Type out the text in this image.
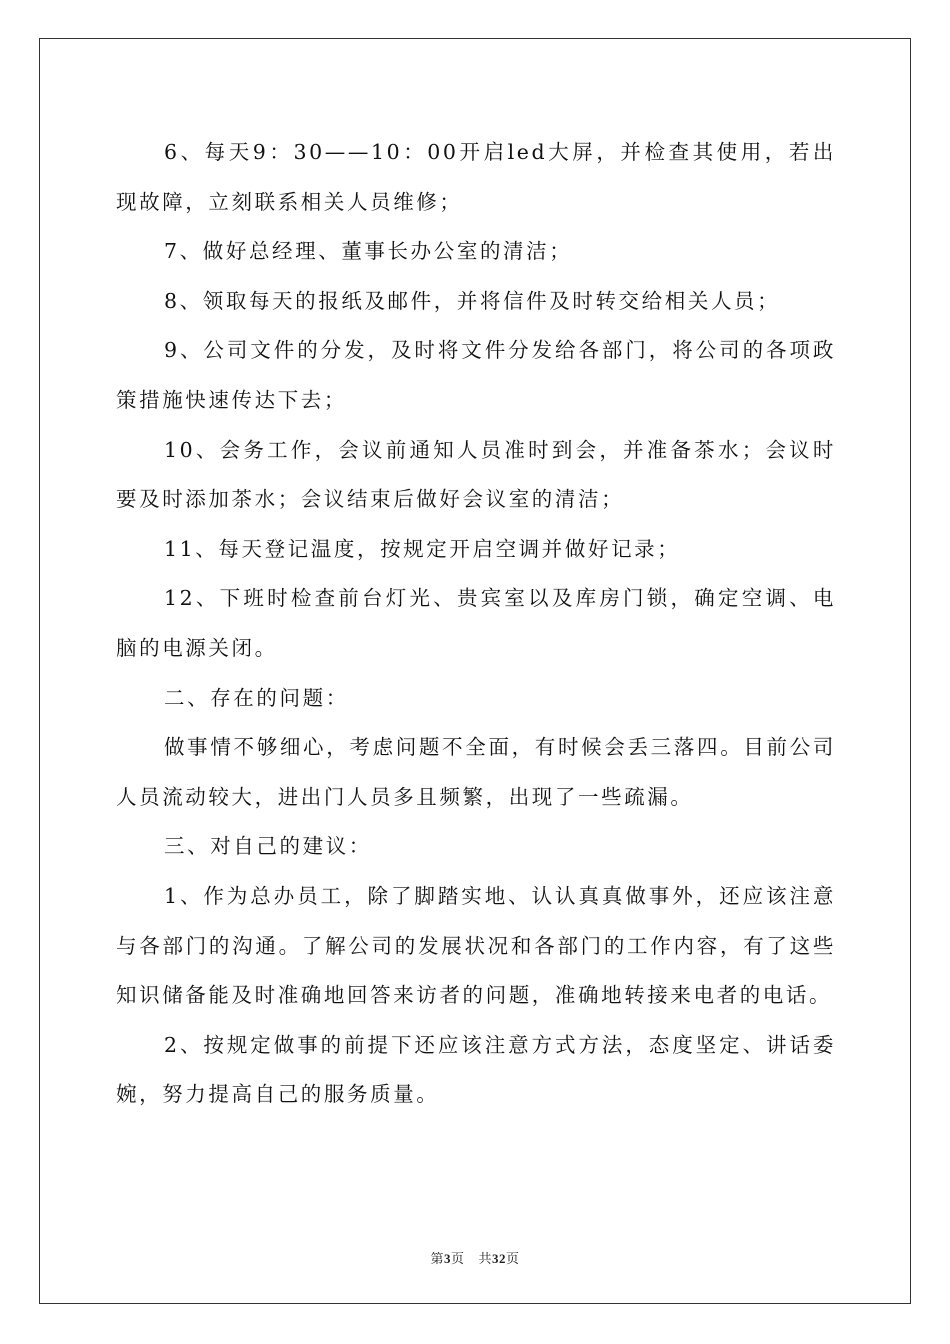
6、每天9：30——10：00开启led大屏，并检查其使用，若出现故障，立刻联系相关人员维修；

7、做好总经理、董事长办公室的清洁；

8、领取每天的报纸及邮件，并将信件及时转交给相关人员；

9、公司文件的分发，及时将文件分发给各部门，将公司的各项政策措施快速传达下去；

10、会务工作，会议前通知人员准时到会，并准备茶水；会议时要及时添加茶水；会议结束后做好会议室的清洁；

11、每天登记温度，按规定开启空调并做好记录；

12、下班时检查前台灯光、贵宾室以及库房门锁，确定空调、电脑的电源关闭。

二、存在的问题：

做事情不够细心，考虑问题不全面，有时候会丢三落四。目前公司人员流动较大，进出门人员多且频繁，出现了一些疏漏。

三、对自己的建议：

1、作为总办员工，除了脚踏实地、认认真真做事外，还应该注意与各部门的沟通。了解公司的发展状况和各部门的工作内容，有了这些知识储备能及时准确地回答来访者的问题，准确地转接来电者的电话。

2、按规定做事的前提下还应该注意方式方法，态度坚定、讲话委婉，努力提高自己的服务质量。

第3页 共32页
